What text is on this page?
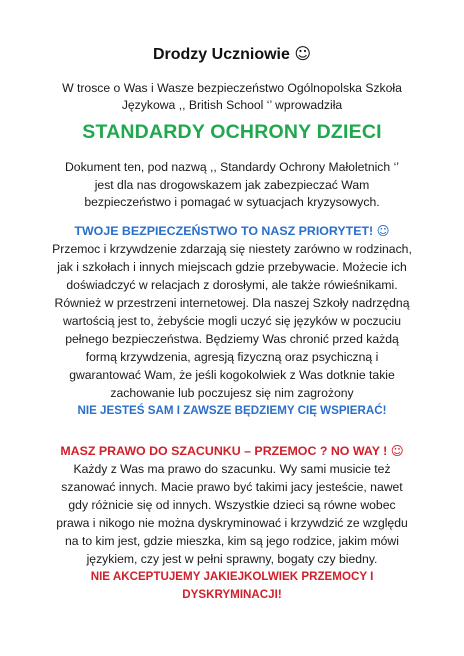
Drodzy Uczniowie ☺
W trosce o Was i Wasze bezpieczeństwo Ogólnopolska Szkoła
Językowa ,, British School ‘’ wprowadziła
STANDARDY OCHRONY DZIECI
Dokument ten, pod nazwą ,, Standardy Ochrony Małoletnich ‘’
jest dla nas drogowskazem jak zabezpieczać Wam
bezpieczeństwo i pomagać w sytuacjach kryzysowych.
TWOJE BEZPIECZEŃSTWO TO NASZ PRIORYTET! ☺
Przemoc i krzywdzenie zdarzają się niestety zarówno w rodzinach,
jak i szkołach i innych miejscach gdzie przebywacie. Możecie ich
doświadczyć w relacjach z dorosłymi, ale także rówieśnikami.
Również w przestrzeni internetowej. Dla naszej Szkoły nadrzędną
wartością jest to, żebyście mogli uczyć się języków w poczuciu
pełnego bezpieczeństwa. Będziemy Was chronić przed każdą
formą krzywdzenia, agresją fizyczną oraz psychiczną i
gwarantować Wam, że jeśli kogokolwiek z Was dotknie takie
zachowanie lub poczujesz się nim zagrożony
NIE JESTEŚ SAM I ZAWSZE BĘDZIEMY CIĘ WSPIERAĆ!
MASZ PRAWO DO SZACUNKU – PRZEMOC ? NO WAY ! ☺
Każdy z Was ma prawo do szacunku. Wy sami musicie też
szanować innych. Macie prawo być takimi jacy jesteście, nawet
gdy różnicie się od innych. Wszystkie dzieci są równe wobec
prawa i nikogo nie można dyskryminować i krzywdzić ze względu
na to kim jest, gdzie mieszka, kim są jego rodzice, jakim mówi
językiem, czy jest w pełni sprawny, bogaty czy biedny.
NIE AKCEPTUJEMY JAKIEJKOLWIEK PRZEMOCY I
DYSKRYMINACJI!
